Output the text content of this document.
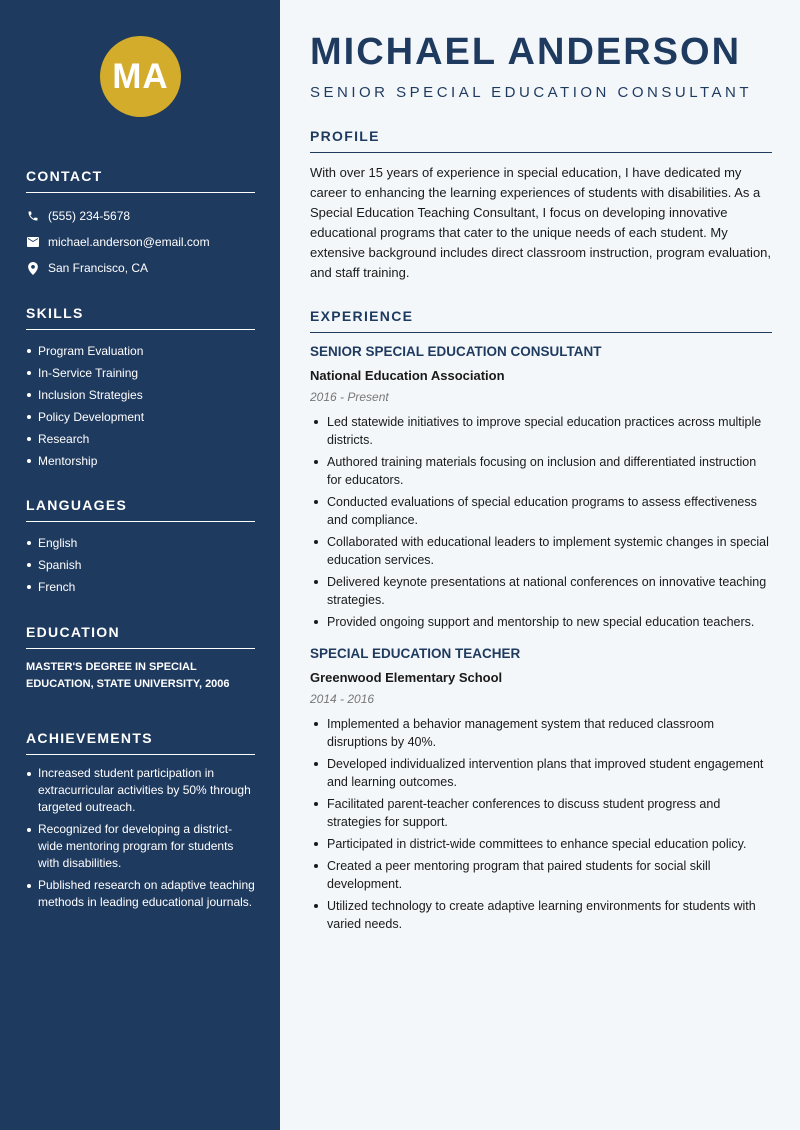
MA
CONTACT
(555) 234-5678
michael.anderson@email.com
San Francisco, CA
SKILLS
Program Evaluation
In-Service Training
Inclusion Strategies
Policy Development
Research
Mentorship
LANGUAGES
English
Spanish
French
EDUCATION
MASTER'S DEGREE IN SPECIAL
EDUCATION, STATE UNIVERSITY, 2006
ACHIEVEMENTS
Increased student participation in extracurricular activities by 50% through targeted outreach.
Recognized for developing a district-wide mentoring program for students with disabilities.
Published research on adaptive teaching methods in leading educational journals.
MICHAEL ANDERSON
SENIOR SPECIAL EDUCATION CONSULTANT
PROFILE

With over 15 years of experience in special education, I have dedicated my career to enhancing the learning experiences of students with disabilities. As a Special Education Teaching Consultant, I focus on developing innovative educational programs that cater to the unique needs of each student. My extensive background includes direct classroom instruction, program evaluation, and staff training.

EXPERIENCE
SENIOR SPECIAL EDUCATION CONSULTANT
National Education Association
2016 - Present
Led statewide initiatives to improve special education practices across multiple districts.
Authored training materials focusing on inclusion and differentiated instruction for educators.
Conducted evaluations of special education programs to assess effectiveness and compliance.
Collaborated with educational leaders to implement systemic changes in special education services.
Delivered keynote presentations at national conferences on innovative teaching strategies.
Provided ongoing support and mentorship to new special education teachers.
SPECIAL EDUCATION TEACHER
Greenwood Elementary School
2014 - 2016
Implemented a behavior management system that reduced classroom disruptions by 40%.
Developed individualized intervention plans that improved student engagement and learning outcomes.
Facilitated parent-teacher conferences to discuss student progress and strategies for support.
Participated in district-wide committees to enhance special education policy.
Created a peer mentoring program that paired students for social skill development.
Utilized technology to create adaptive learning environments for students with varied needs.
